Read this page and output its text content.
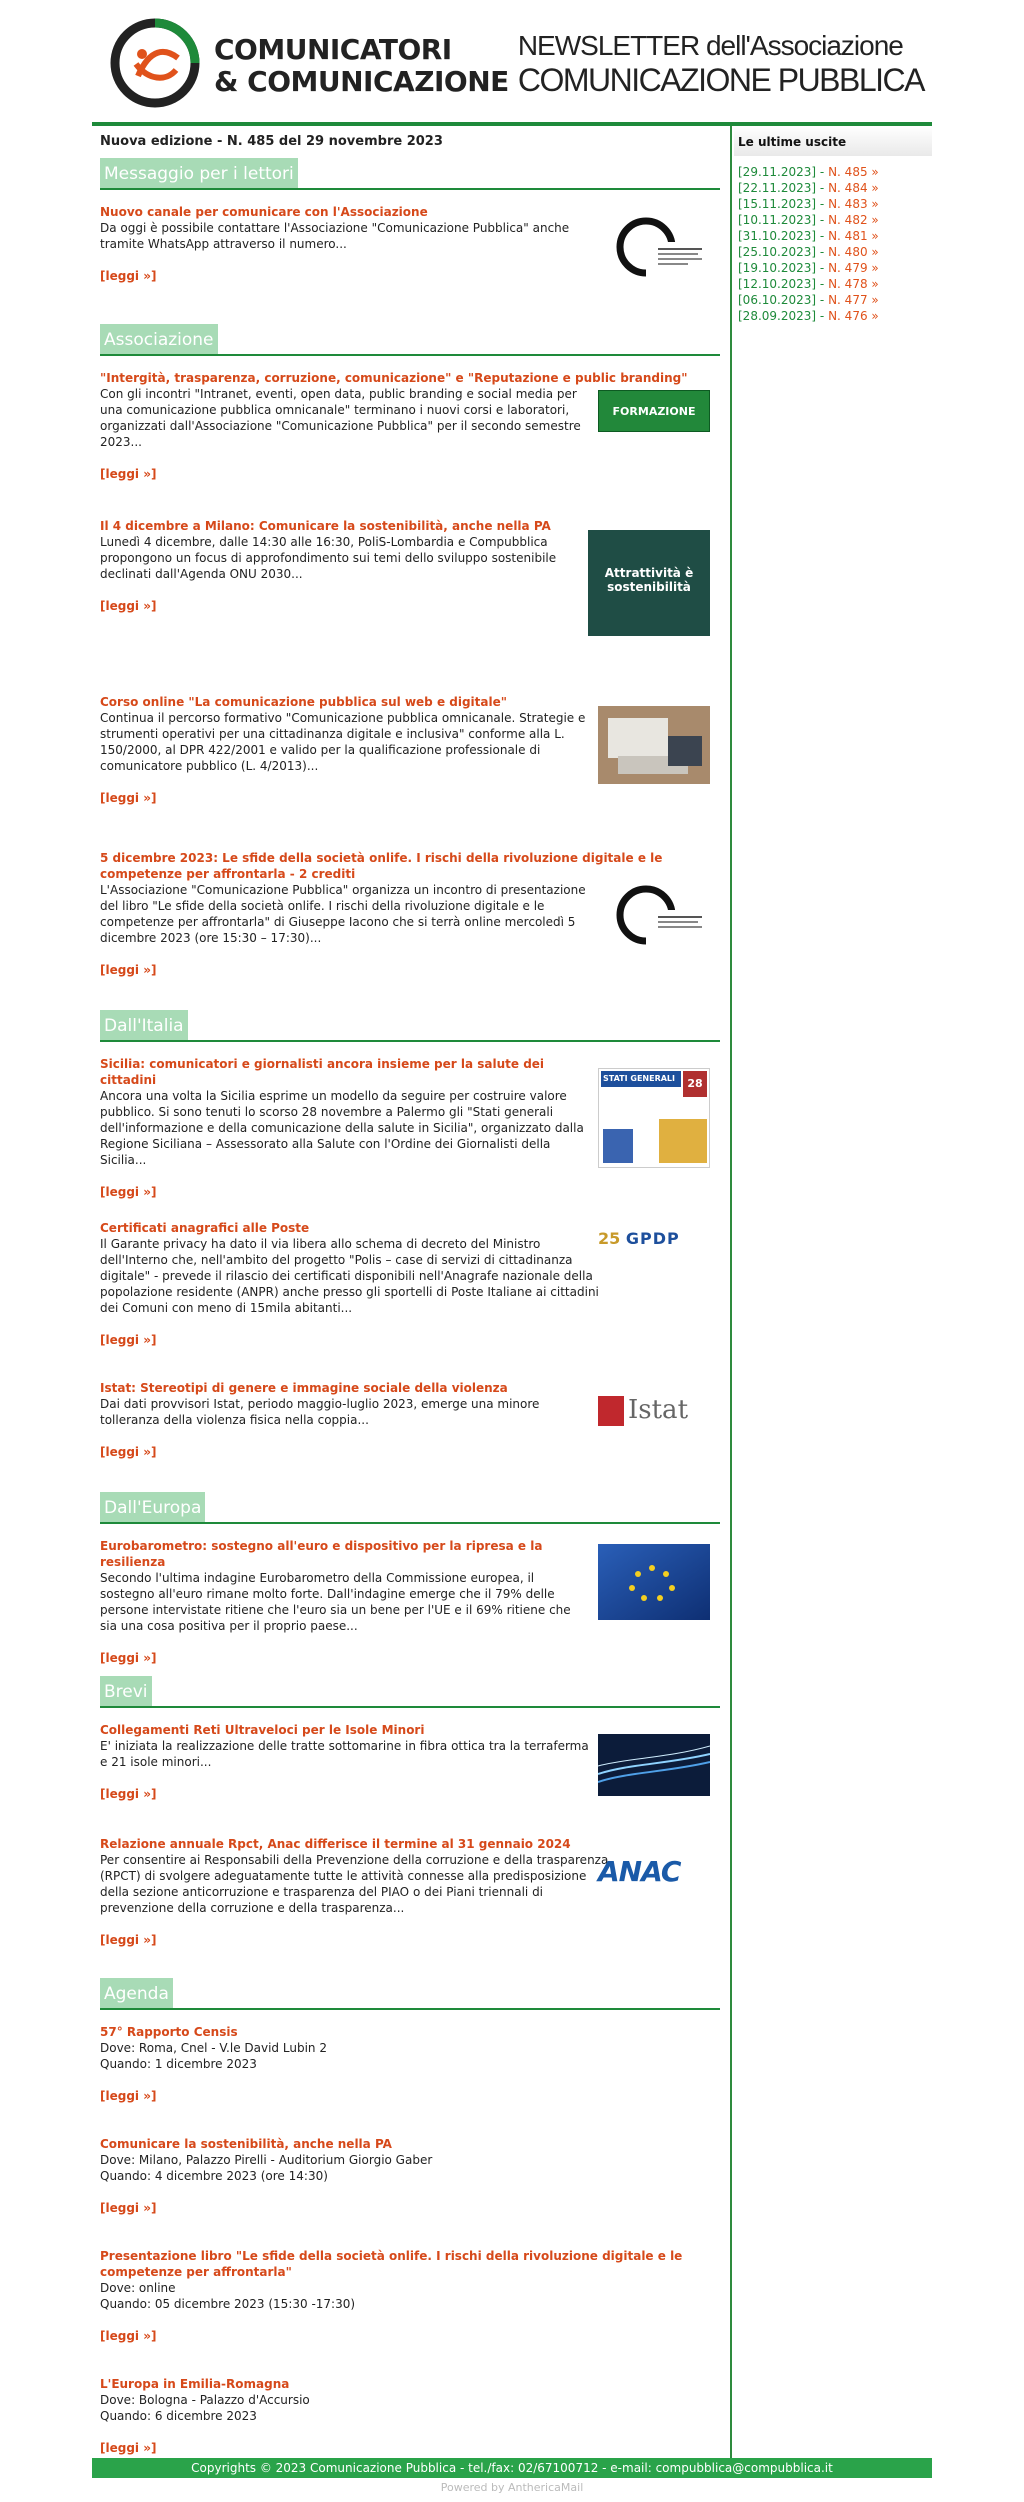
COMUNICATORI
& COMUNICAZIONE
NEWSLETTER dell'Associazione
COMUNICAZIONE PUBBLICA
Le ultime uscite
[29.11.2023] - N. 485 »
[22.11.2023] - N. 484 »
[15.11.2023] - N. 483 »
[10.11.2023] - N. 482 »
[31.10.2023] - N. 481 »
[25.10.2023] - N. 480 »
[19.10.2023] - N. 479 »
[12.10.2023] - N. 478 »
[06.10.2023] - N. 477 »
[28.09.2023] - N. 476 »
Nuova edizione - N. 485 del 29 novembre 2023
Messaggio per i lettori
Nuovo canale per comunicare con l'Associazione
Da oggi è possibile contattare l'Associazione "Comunicazione Pubblica" anche tramite WhatsApp attraverso il numero...
[leggi »]
Associazione
"Intergità, trasparenza, corruzione, comunicazione" e "Reputazione e public branding"
Con gli incontri "Intranet, eventi, open data, public branding e social media per una comunicazione pubblica omnicanale" terminano i nuovi corsi e laboratori, organizzati dall'Associazione "Comunicazione Pubblica" per il secondo semestre 2023...
[leggi »]
FORMAZIONE
Il 4 dicembre a Milano: Comunicare la sostenibilità, anche nella PA
Lunedì 4 dicembre, dalle 14:30 alle 16:30, PoliS-Lombardia e Compubblica propongono un focus di approfondimento sui temi dello sviluppo sostenibile declinati dall'Agenda ONU 2030...
[leggi »]
Attrattività è sostenibilità
Corso online "La comunicazione pubblica sul web e digitale"
Continua il percorso formativo "Comunicazione pubblica omnicanale. Strategie e strumenti operativi per una cittadinanza digitale e inclusiva" conforme alla L. 150/2000, al DPR 422/2001 e valido per la qualificazione professionale di comunicatore pubblico (L. 4/2013)...
[leggi »]
5 dicembre 2023: Le sfide della società onlife. I rischi della rivoluzione digitale e le competenze per affrontarla - 2 crediti
L'Associazione "Comunicazione Pubblica" organizza un incontro di presentazione del libro "Le sfide della società onlife. I rischi della rivoluzione digitale e le competenze per affrontarla" di Giuseppe Iacono che si terrà online mercoledì 5 dicembre 2023 (ore 15:30 – 17:30)...
[leggi »]
Dall'Italia
Sicilia: comunicatori e giornalisti ancora insieme per la salute dei cittadini
Ancora una volta la Sicilia esprime un modello da seguire per costruire valore pubblico. Si sono tenuti lo scorso 28 novembre a Palermo gli "Stati generali dell'informazione e della comunicazione della salute in Sicilia", organizzato dalla Regione Siciliana – Assessorato alla Salute con l'Ordine dei Giornalisti della Sicilia...
[leggi »]
STATI GENERALI	28
Certificati anagrafici alle Poste
Il Garante privacy ha dato il via libera allo schema di decreto del Ministro dell'Interno che, nell'ambito del progetto "Polis – case di servizi di cittadinanza digitale" - prevede il rilascio dei certificati disponibili nell'Anagrafe nazionale della popolazione residente (ANPR) anche presso gli sportelli di Poste Italiane ai cittadini dei Comuni con meno di 15mila abitanti...
[leggi »]
25 GPDP
Istat: Stereotipi di genere e immagine sociale della violenza
Dai dati provvisori Istat, periodo maggio-luglio 2023, emerge una minore tolleranza della violenza fisica nella coppia...
[leggi »]
Istat
Dall'Europa
Eurobarometro: sostegno all'euro e dispositivo per la ripresa e la resilienza
Secondo l'ultima indagine Eurobarometro della Commissione europea, il sostegno all'euro rimane molto forte. Dall'indagine emerge che il 79% delle persone intervistate ritiene che l'euro sia un bene per l'UE e il 69% ritiene che sia una cosa positiva per il proprio paese...
[leggi »]
Brevi
Collegamenti Reti Ultraveloci per le Isole Minori
E' iniziata la realizzazione delle tratte sottomarine in fibra ottica tra la terraferma e 21 isole minori...
[leggi »]
Relazione annuale Rpct, Anac differisce il termine al 31 gennaio 2024
Per consentire ai Responsabili della Prevenzione della corruzione e della trasparenza (RPCT) di svolgere adeguatamente tutte le attività connesse alla predisposizione della sezione anticorruzione e trasparenza del PIAO o dei Piani triennali di prevenzione della corruzione e della trasparenza...
[leggi »]
ANAC
Agenda
57° Rapporto Censis
Dove: Roma, Cnel - V.le David Lubin 2
Quando: 1 dicembre 2023
[leggi »]
Comunicare la sostenibilità, anche nella PA
Dove: Milano, Palazzo Pirelli - Auditorium Giorgio Gaber
Quando: 4 dicembre 2023 (ore 14:30)
[leggi »]
Presentazione libro "Le sfide della società onlife. I rischi della rivoluzione digitale e le competenze per affrontarla"
Dove: online
Quando: 05 dicembre 2023 (15:30 -17:30)
[leggi »]
L'Europa in Emilia-Romagna
Dove: Bologna - Palazzo d'Accursio
Quando: 6 dicembre 2023
[leggi »]
Copyrights © 2023 Comunicazione Pubblica - tel./fax: 02/67100712 - e-mail: compubblica@compubblica.it
Powered by AnthericaMail
